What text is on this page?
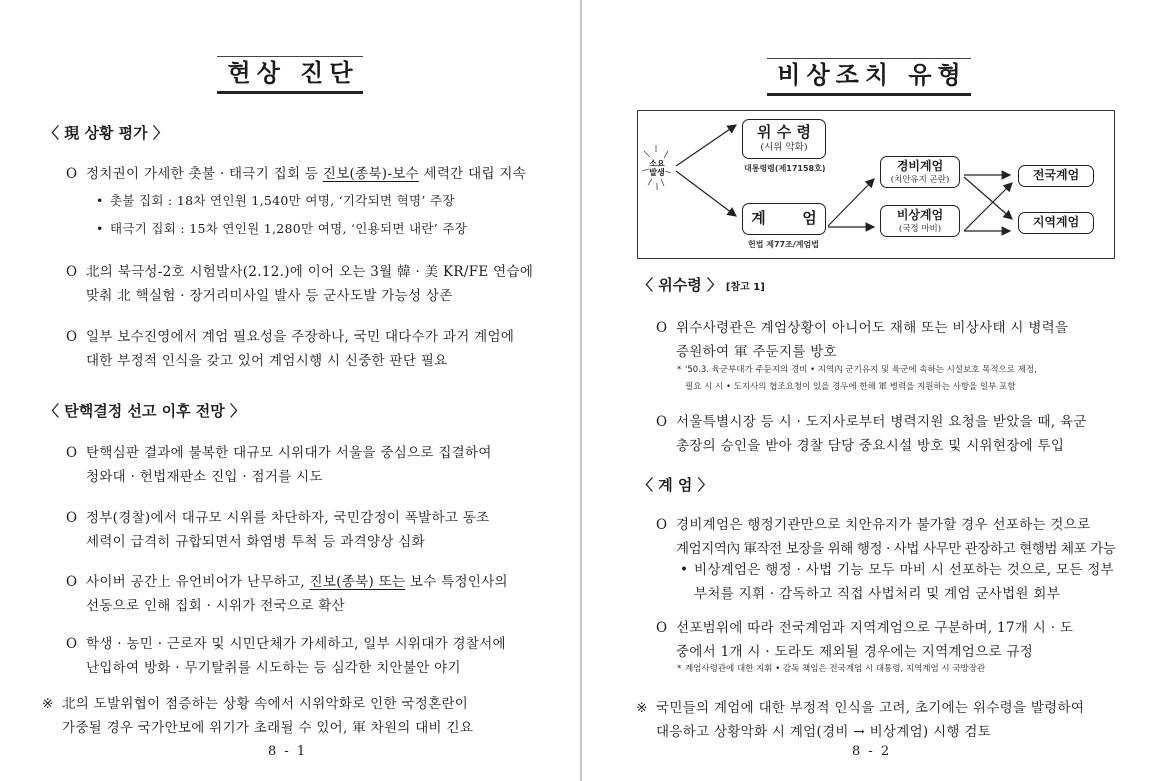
현상 진단
〈 現 상황 평가 〉
O 정치권이 가세한 촛불 · 태극기 집회 등 진보(종북)-보수 세력간 대립 지속
• 촛불 집회 : 18차 연인원 1,540만 여명, ‘기각되면 혁명’ 주장
• 태극기 집회 : 15차 연인원 1,280만 여명, ‘인용되면 내란’ 주장
O 北의 북극성-2호 시험발사(2.12.)에 이어 오는 3월 韓 · 美 KR/FE 연습에
맞춰 北 핵실험 · 장거리미사일 발사 등 군사도발 가능성 상존
O 일부 보수진영에서 계엄 필요성을 주장하나, 국민 대다수가 과거 계엄에
대한 부정적 인식을 갖고 있어 계엄시행 시 신중한 판단 필요
〈 탄핵결정 선고 이후 전망 〉
O 탄핵심판 결과에 불복한 대규모 시위대가 서울을 중심으로 집결하여
청와대 · 헌법재판소 진입 · 점거를 시도
O 정부(경찰)에서 대규모 시위를 차단하자, 국민감정이 폭발하고 동조
세력이 급격히 규합되면서 화염병 투척 등 과격양상 심화
O 사이버 공간上 유언비어가 난무하고, 진보(종북) 또는 보수 특정인사의
선동으로 인해 집회 · 시위가 전국으로 확산
O 학생 · 농민 · 근로자 및 시민단체가 가세하고, 일부 시위대가 경찰서에
난입하여 방화 · 무기탈취를 시도하는 등 심각한 치안불안 야기
※ 北의 도발위협이 점증하는 상황 속에서 시위악화로 인한 국정혼란이
가중될 경우 국가안보에 위기가 초래될 수 있어, 軍 차원의 대비 긴요
8 - 1
비상조치 유형
소요
발생
위 수 령
(시위 악화)
대통령령(제17158호)
계       엄
헌법 제77조/계엄법
경비계엄
(치안유지 곤란)
비상계엄
(국정 마비)
전국계엄
지역계엄
〈 위수령 〉 [참고 1]
O 위수사령관은 계엄상황이 아니어도 재해 또는 비상사태 시 병력을
증원하여 軍 주둔지를 방호
* '50.3. 육군부대가 주둔지의 경비 • 지역內 군기유지 및 육군에 속하는 시설보호 목적으로 제정,
필요 시 시 • 도지사의 협조요청이 있을 경우에 한해 軍 병력을 지원하는 사항을 일부 포함
O 서울특별시장 등 시 · 도지사로부터 병력지원 요청을 받았을 때, 육군
총장의 승인을 받아 경찰 담당 중요시설 방호 및 시위현장에 투입
〈 계 엄 〉
O 경비계엄은 행정기관만으로 치안유지가 불가할 경우 선포하는 것으로
계엄지역內 軍작전 보장을 위해 행정 · 사법 사무만 관장하고 현행범 체포 가능
• 비상계엄은 행정 · 사법 기능 모두 마비 시 선포하는 것으로, 모든 정부
부처를 지휘 · 감독하고 직접 사법처리 및 계엄 군사법원 회부
O 선포범위에 따라 전국계엄과 지역계엄으로 구분하며, 17개 시 · 도
중에서 1개 시 · 도라도 제외될 경우에는 지역계엄으로 규정
* 계엄사령관에 대한 지휘 • 감독 책임은 전국계엄 시 대통령, 지역계엄 시 국방장관
※ 국민들의 계엄에 대한 부정적 인식을 고려, 초기에는 위수령을 발령하여
대응하고 상황악화 시 계엄(경비 → 비상계엄) 시행 검토
8 - 2
